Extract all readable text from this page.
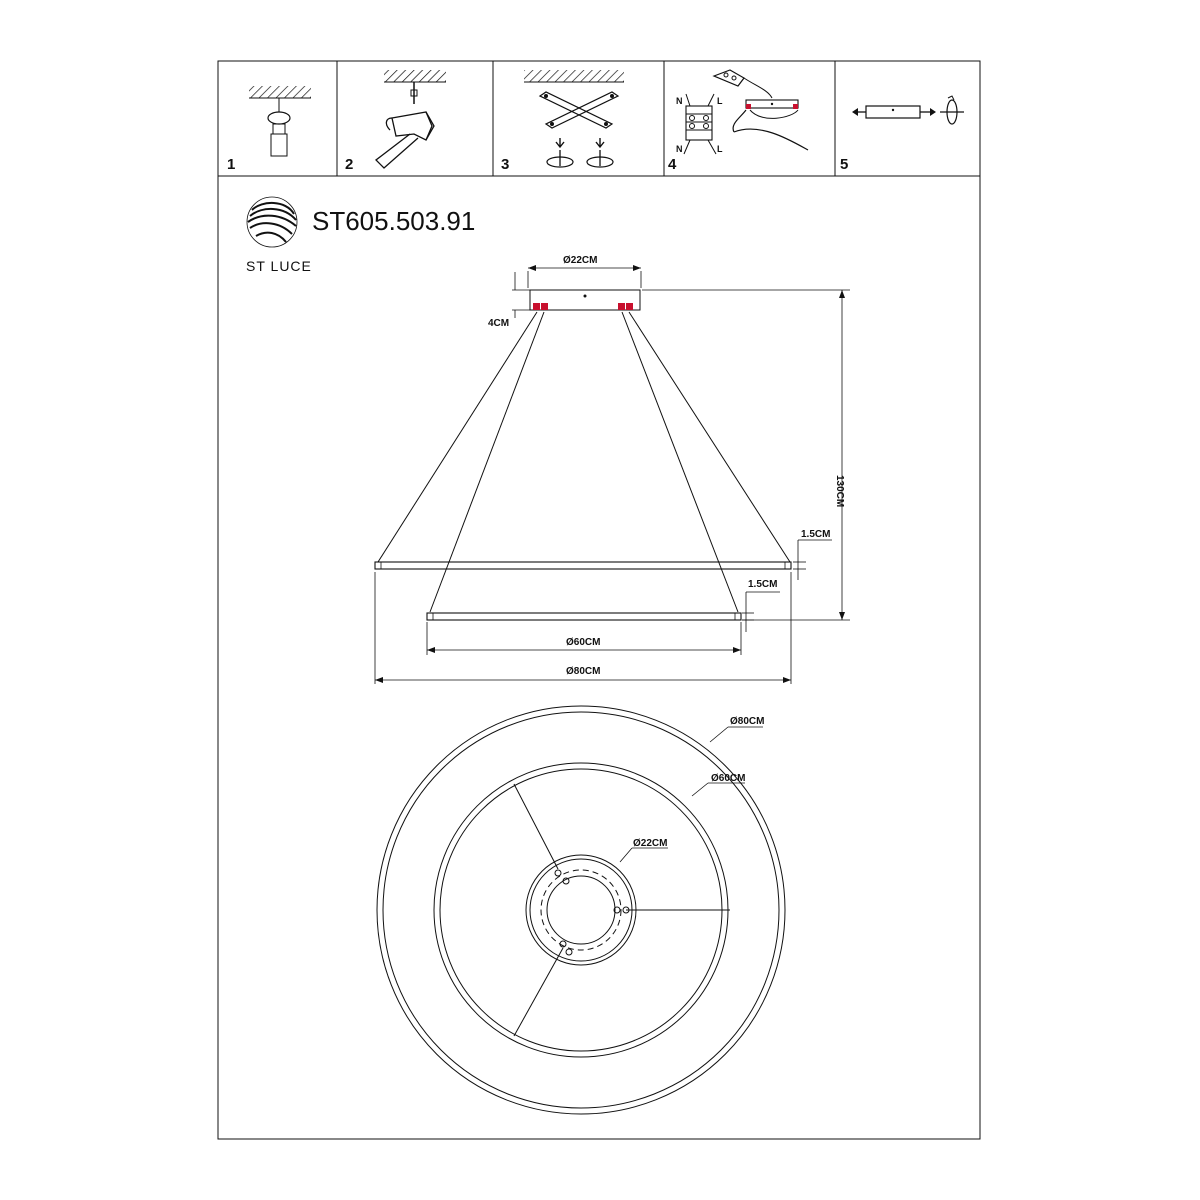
1	2	3
N	L
N	L
4	5
ST LUCE
ST605.503.91
Ø22CM
4CM
130CM
1.5CM
1.5CM
Ø60CM
Ø80CM
Ø80CM
Ø60CM
Ø22CM
